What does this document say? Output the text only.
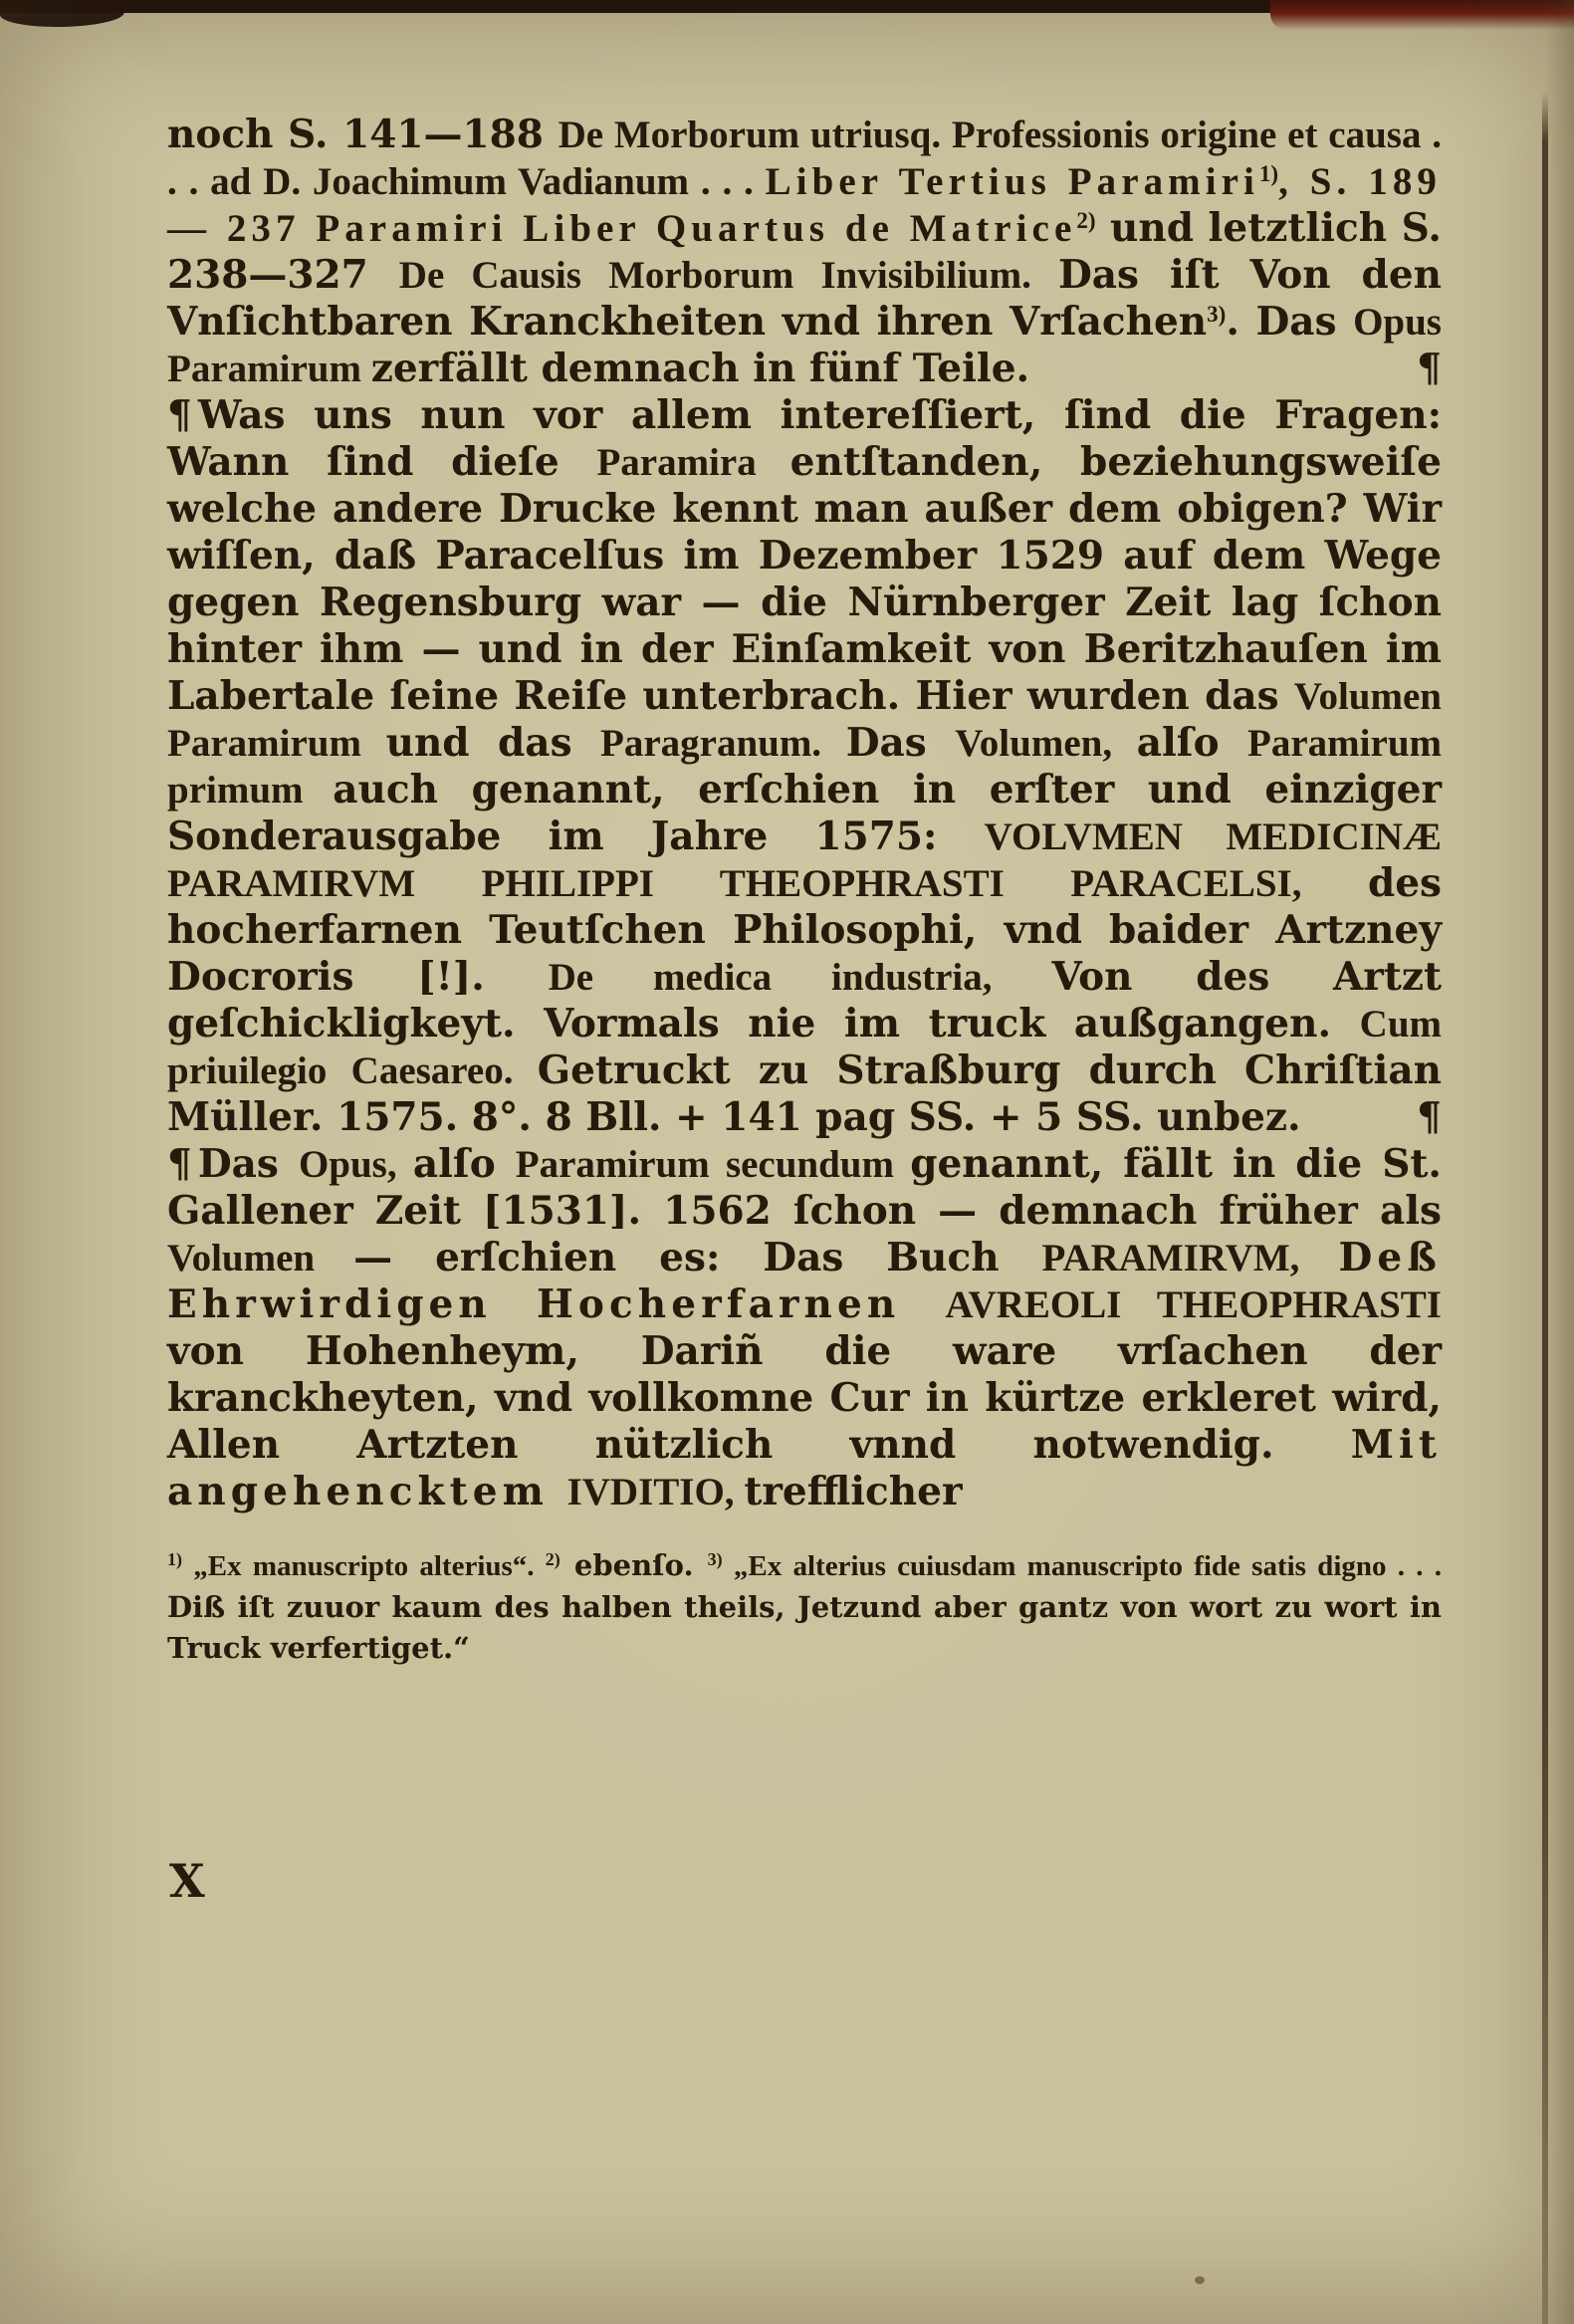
noch S. 141—188 De Morborum utriusq. Professionis origine et causa . . . ad D. Joachimum Vadianum . . . Liber Tertius Paramiri$^{1)}$, S. 189 — 237 Paramiri Liber Quartus de Matrice$^{2)}$ und letztlich S. 238—327 De Causis Morborum Invisibilium. Das iſt Von den Vnſichtbaren Kranckheiten vnd ihren Vrſachen$^{3)}$. Das Opus Paramirum zerfällt demnach in fünf Teile.	¶

¶ Was uns nun vor allem intereſſiert, ſind die Fragen: Wann ſind dieſe Paramira entſtanden, beziehungsweiſe welche andere Drucke kennt man außer dem obigen? Wir wiſſen, daß Paracelſus im Dezember 1529 auf dem Wege gegen Regensburg war — die Nürnberger Zeit lag ſchon hinter ihm — und in der Einſamkeit von Beritzhauſen im Labertale ſeine Reiſe unterbrach. Hier wurden das Volumen Paramirum und das Paragranum. Das Volumen, alſo Paramirum primum auch genannt, erſchien in erſter und einziger Sonderausgabe im Jahre 1575: VOLVMEN MEDICINÆ PARAMIRVM PHILIPPI THEOPHRASTI PARACELSI, des hocherfarnen Teutſchen Philosophi, vnd baider Artzney Docroris [!]. De medica industria, Von des Artzt geſchickligkeyt. Vormals nie im truck außgangen. Cum priuilegio Caesareo. Getruckt zu Straßburg durch Chriſtian Müller. 1575. 8°. 8 Bll. + 141 pag SS. + 5 SS. unbez.	¶

¶ Das Opus, alſo Paramirum secundum genannt, fällt in die St. Gallener Zeit [1531]. 1562 ſchon — demnach früher als Volumen — erſchien es: Das Buch PARAMIRVM, Deß Ehrwirdigen Hocherfarnen AVREOLI THEOPHRASTI von Hohenheym, Dariñ die ware vrſachen der kranckheyten, vnd vollkomne Cur in kürtze erkleret wird, Allen Artzten nützlich vnnd notwendig. Mit angehencktem IVDITIO, trefflicher

$^{1)}$ „Ex manuscripto alterius“. $^{2)}$ ebenſo. $^{3)}$ „Ex alterius cuiusdam manuscripto fide satis digno . . . Diß iſt zuuor kaum des halben theils, Jetzund aber gantz von wort zu wort in Truck verfertiget.“
X
